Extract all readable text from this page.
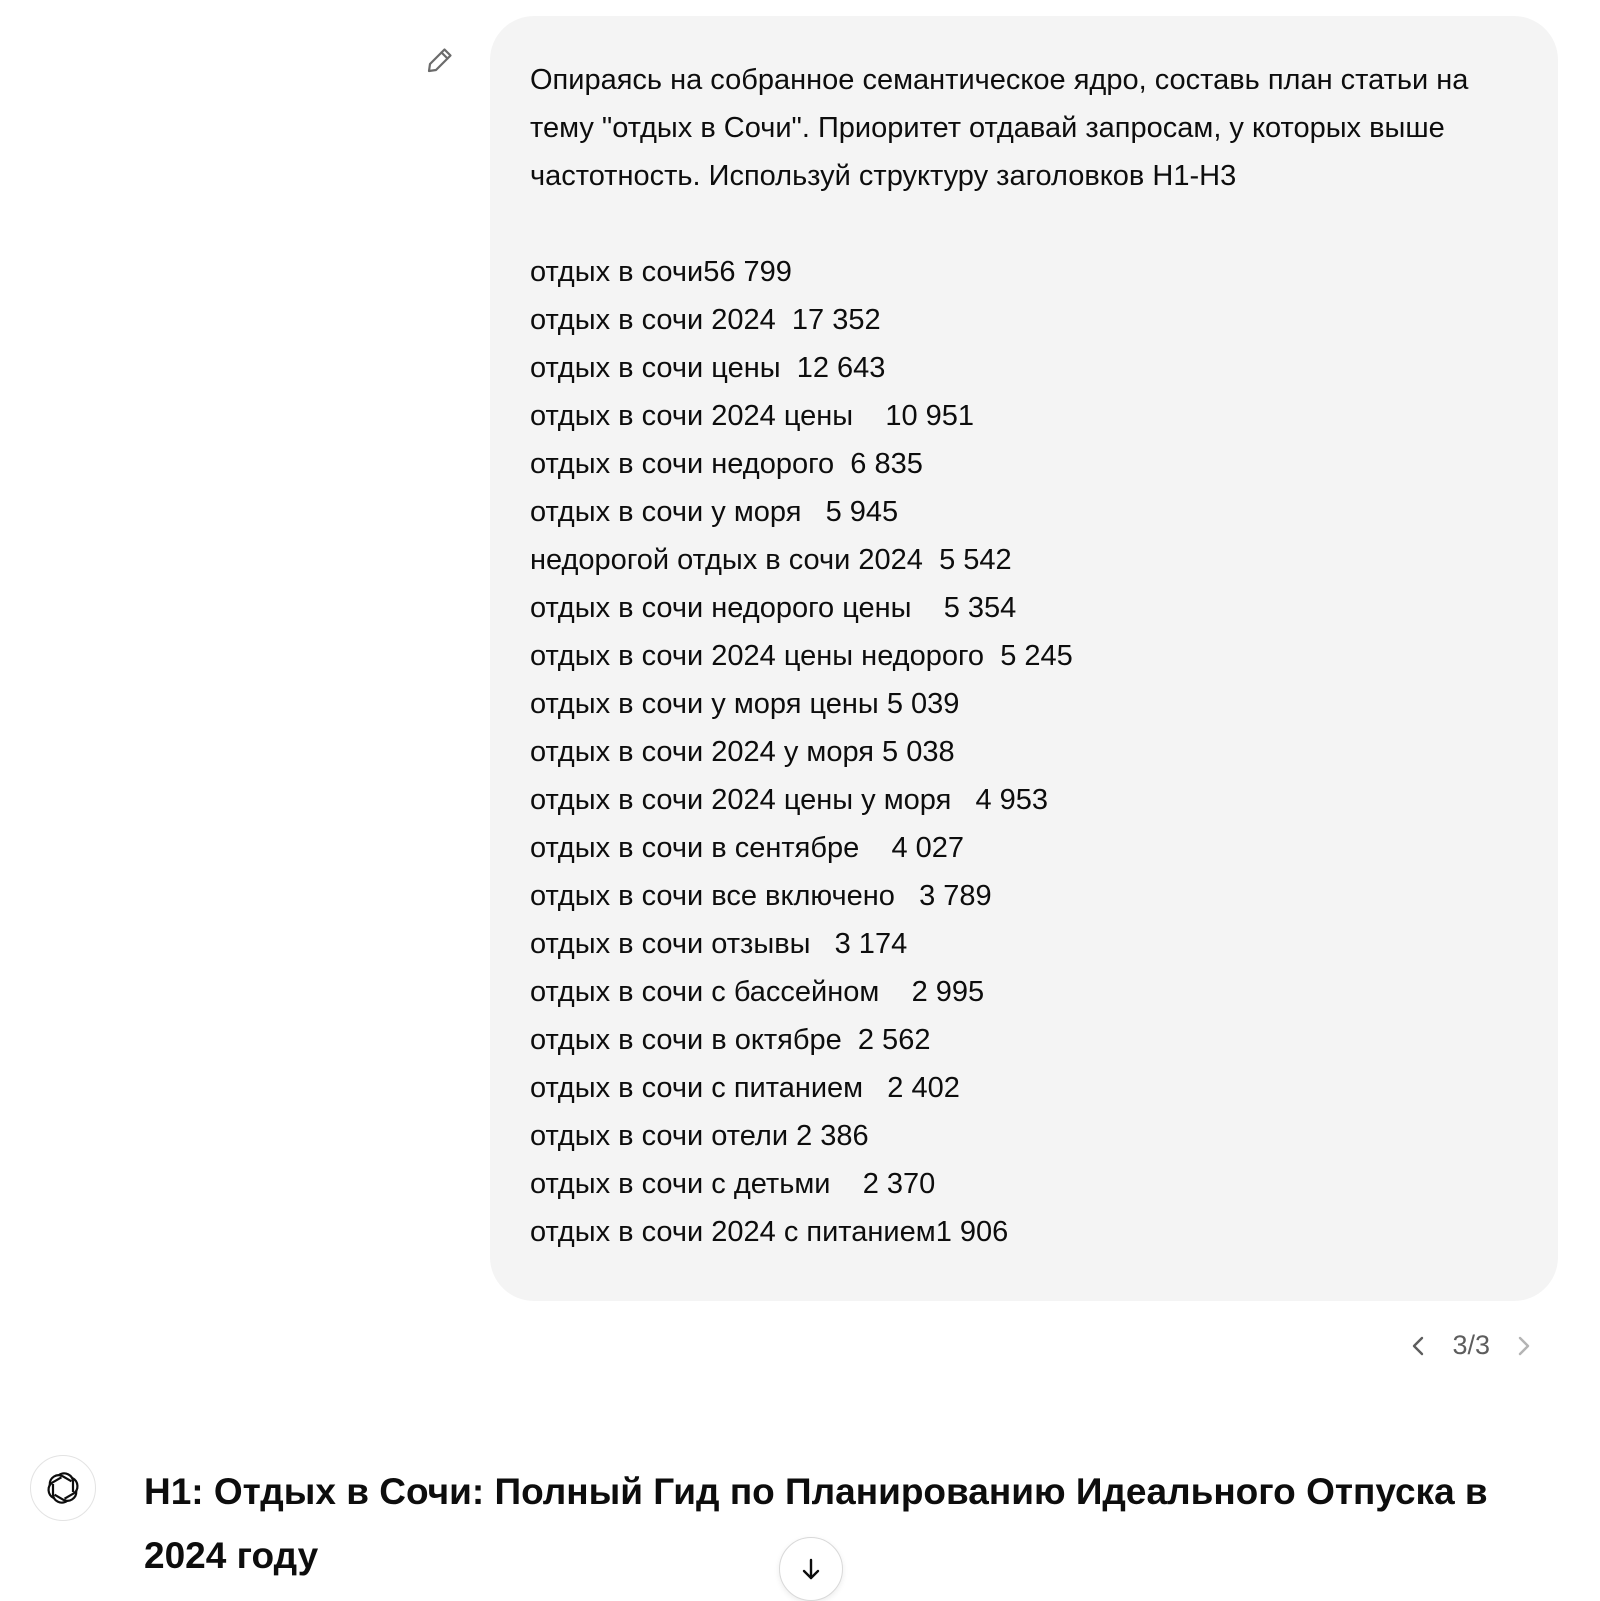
Опираясь на собранное семантическое ядро, составь план статьи на тему "отдых в Сочи". Приоритет отдавай запросам, у которых выше частотность. Используй структуру заголовков H1-H3

отдых в сочи56 799
отдых в сочи 2024 17 352
отдых в сочи цены 12 643
отдых в сочи 2024 цены 10 951
отдых в сочи недорого 6 835
отдых в сочи у моря 5 945
недорогой отдых в сочи 2024 5 542
отдых в сочи недорого цены 5 354
отдых в сочи 2024 цены недорого 5 245
отдых в сочи у моря цены 5 039
отдых в сочи 2024 у моря 5 038
отдых в сочи 2024 цены у моря 4 953
отдых в сочи в сентябре 4 027
отдых в сочи все включено 3 789
отдых в сочи отзывы 3 174
отдых в сочи с бассейном 2 995
отдых в сочи в октябре 2 562
отдых в сочи с питанием 2 402
отдых в сочи отели 2 386
отдых в сочи с детьми 2 370
отдых в сочи 2024 с питанием1 906
3/3
H1: Отдых в Сочи: Полный Гид по Планированию Идеального Отпуска в 2024 году
